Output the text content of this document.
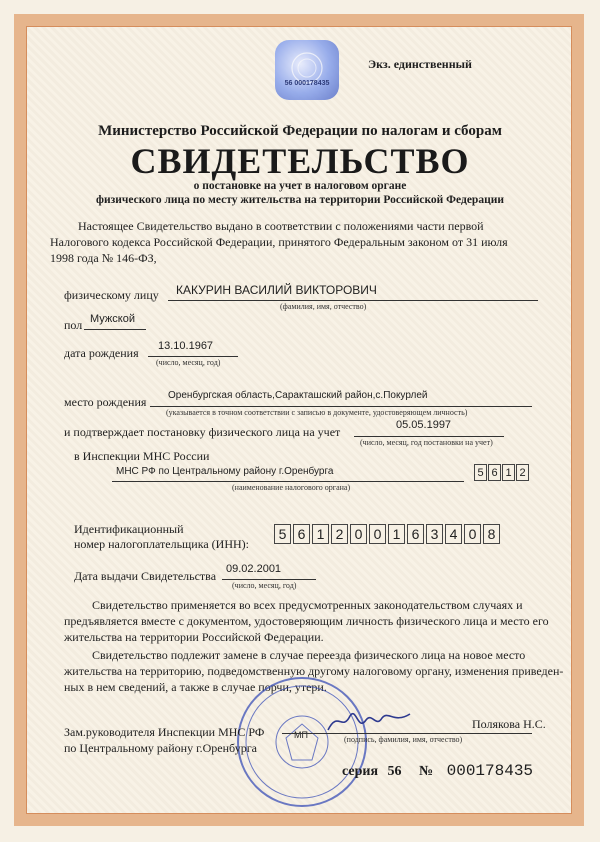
56 000178435
Экз. единственный
Министерство Российской Федерации по налогам и сборам
СВИДЕТЕЛЬСТВО
о постановке на учет в налоговом органе
физического лица по месту жительства на территории Российской Федерации
Настоящее Свидетельство выдано в соответствии с положениями части первой
Налогового кодекса Российской Федерации, принятого Федеральным законом от 31 июля
1998 года № 146-ФЗ,
физическому лицу КАКУРИН ВАСИЛИЙ ВИКТОРОВИЧ
(фамилия, имя, отчество)
пол Мужской
дата рождения 13.10.1967
(число, месяц, год)
место рождения Оренбургская область,Саракташский район,с.Покурлей
(указывается в точном соответствии с записью в документе, удостоверяющем личность)
и подтверждает постановку физического лица на учет	05.05.1997
(число, месяц, год постановки на учет)
в Инспекции МНС России
МНС РФ по Центральному району г.Оренбурга
(наименование налогового органа)
5 6 1 2
Идентификационный
номер налогоплательщика (ИНН):
5 6 1 2 0 0 1 6 3 4 0 8
Дата выдачи Свидетельства 09.02.2001
(число, месяц, год)
Свидетельство применяется во всех предусмотренных законодательством случаях и
предъявляется вместе с документом, удостоверяющим личность физического лица и место его
жительства на территории Российской Федерации.
Свидетельство подлежит замене в случае переезда физического лица на новое место
жительства на территорию, подведомственную другому налоговому органу, изменения приведен-
ных в нем сведений, а также в случае порчи, утери.
МП
Зам.руководителя Инспекции МНС РФ
по Центральному району г.Оренбурга
(подпись, фамилия, имя, отчество)
Полякова Н.С.
серия 56 № 000178435
